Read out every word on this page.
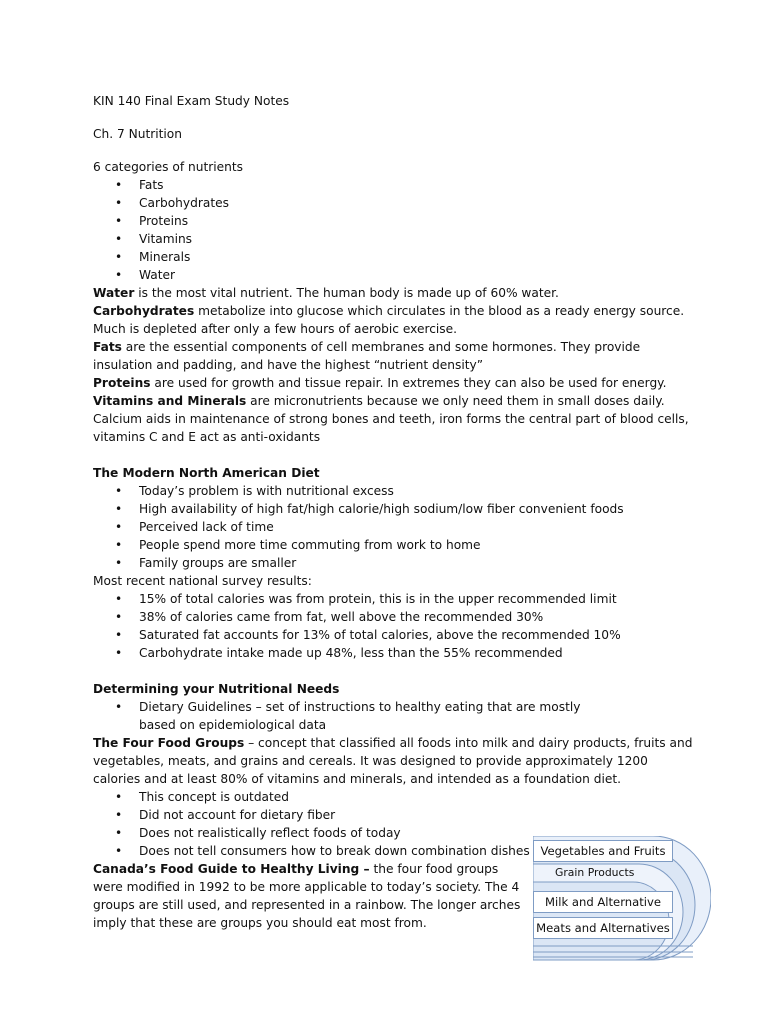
KIN 140 Final Exam Study Notes

Ch. 7 Nutrition

6 categories of nutrients

• Fats
• Carbohydrates
• Proteins
• Vitamins
• Minerals
• Water

Water is the most vital nutrient. The human body is made up of 60% water.

Carbohydrates metabolize into glucose which circulates in the blood as a ready energy source. Much is depleted after only a few hours of aerobic exercise.

Fats are the essential components of cell membranes and some hormones. They provide insulation and padding, and have the highest “nutrient density”

Proteins are used for growth and tissue repair. In extremes they can also be used for energy.

Vitamins and Minerals are micronutrients because we only need them in small doses daily. Calcium aids in maintenance of strong bones and teeth, iron forms the central part of blood cells, vitamins C and E act as anti-oxidants

The Modern North American Diet

• Today’s problem is with nutritional excess
• High availability of high fat/high calorie/high sodium/low fiber convenient foods
• Perceived lack of time
• People spend more time commuting from work to home
• Family groups are smaller

Most recent national survey results:

• 15% of total calories was from protein, this is in the upper recommended limit
• 38% of calories came from fat, well above the recommended 30%
• Saturated fat accounts for 13% of total calories, above the recommended 10%
• Carbohydrate intake made up 48%, less than the 55% recommended

Determining your Nutritional Needs

• Dietary Guidelines – set of instructions to healthy eating that are mostly based on epidemiological data

The Four Food Groups – concept that classified all foods into milk and dairy products, fruits and vegetables, meats, and grains and cereals. It was designed to provide approximately 1200 calories and at least 80% of vitamins and minerals, and intended as a foundation diet.

• This concept is outdated
• Did not account for dietary fiber
• Does not realistically reflect foods of today
• Does not tell consumers how to break down combination dishes

Canada’s Food Guide to Healthy Living – the four food groups were modified in 1992 to be more applicable to today’s society. The 4 groups are still used, and represented in a rainbow. The longer arches imply that these are groups you should eat most from.

Vegetables and Fruits
Grain Products
Milk and Alternative
Meats and Alternatives
